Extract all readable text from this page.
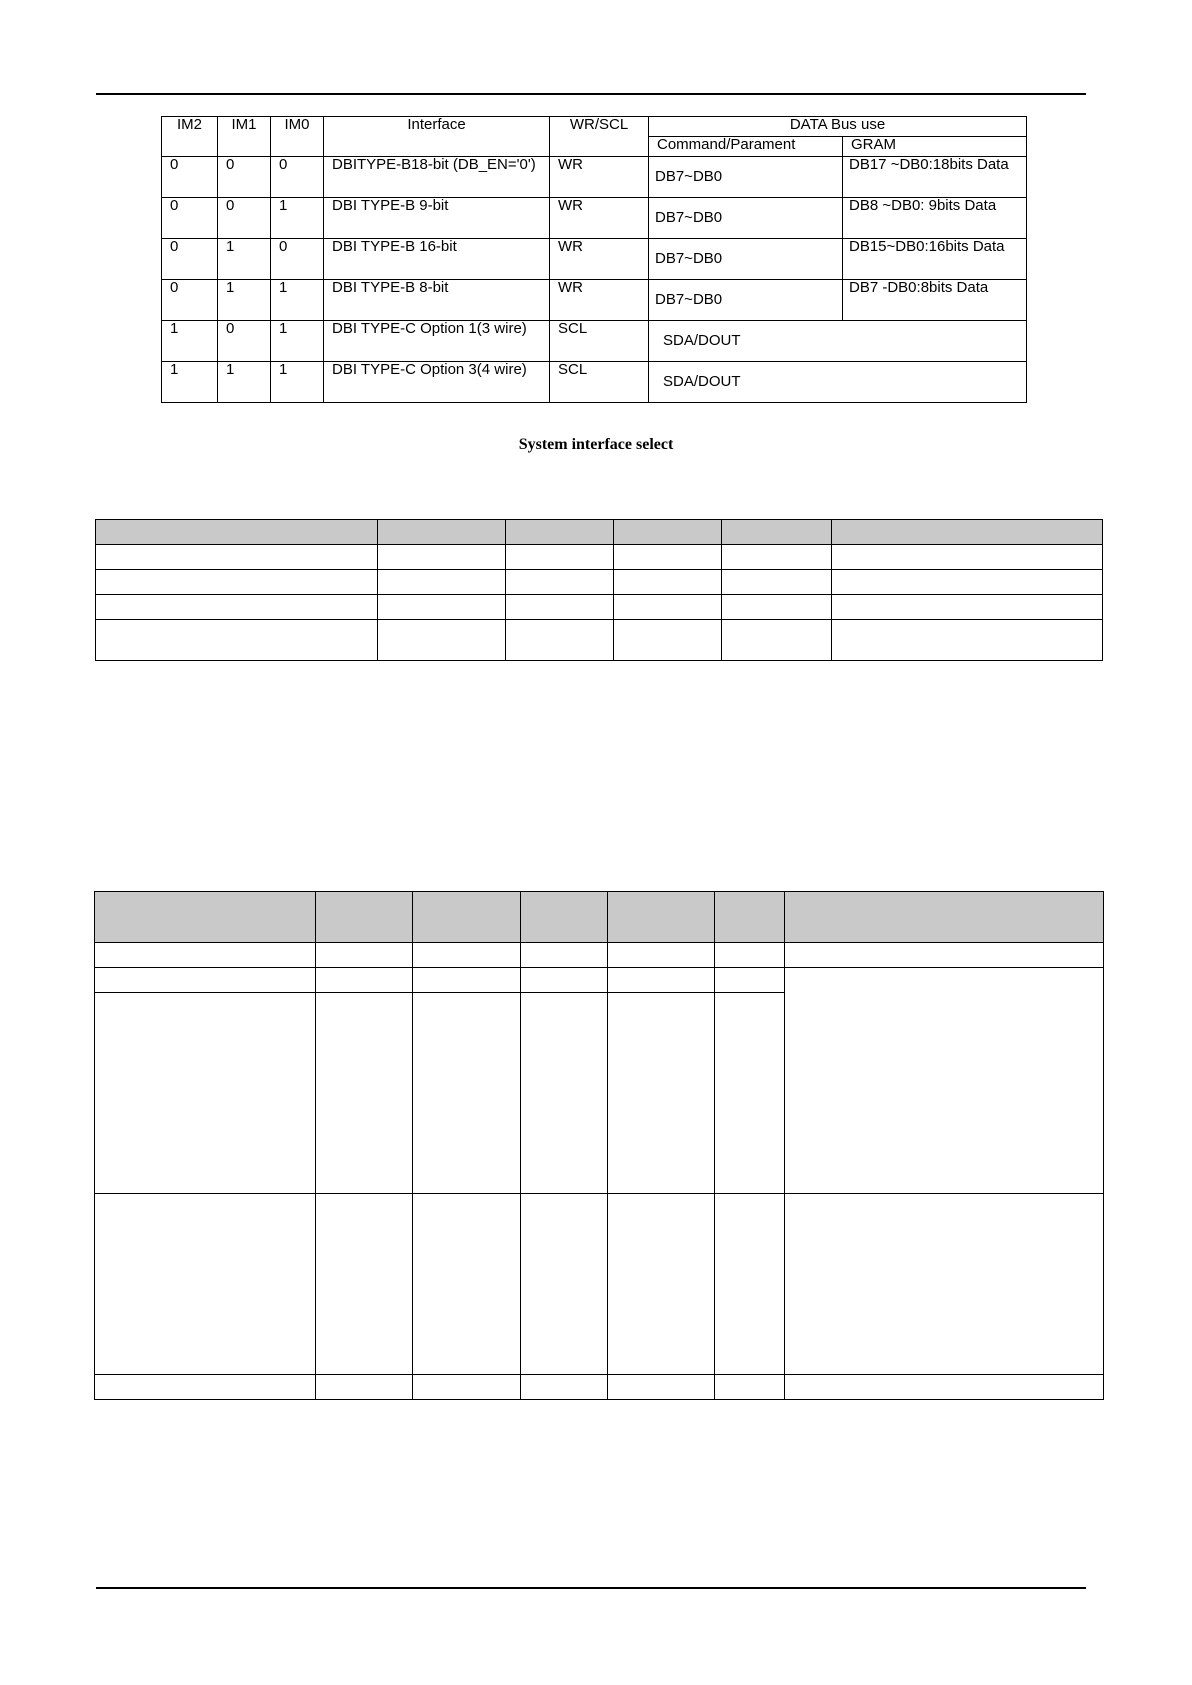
IM2	IM1	IM0	Interface	WR/SCL	DATA Bus use	
					Command/Parament	GRAM
0	0	0	DBITYPE-B18-bit (DB_EN='0')	WR	DB7~DB0	DB17 ~DB0:18bits Data
0	0	1	DBI TYPE-B 9-bit	WR	DB7~DB0	DB8 ~DB0: 9bits Data
0	1	0	DBI TYPE-B 16-bit	WR	DB7~DB0	DB15~DB0:16bits Data
0	1	1	DBI TYPE-B 8-bit	WR	DB7~DB0	DB7 -DB0:8bits Data
1	0	1	DBI TYPE-C Option 1(3 wire)	SCL	SDA/DOUT	
1	1	1	DBI TYPE-C Option 3(4 wire)	SCL	SDA/DOUT	
System interface select
